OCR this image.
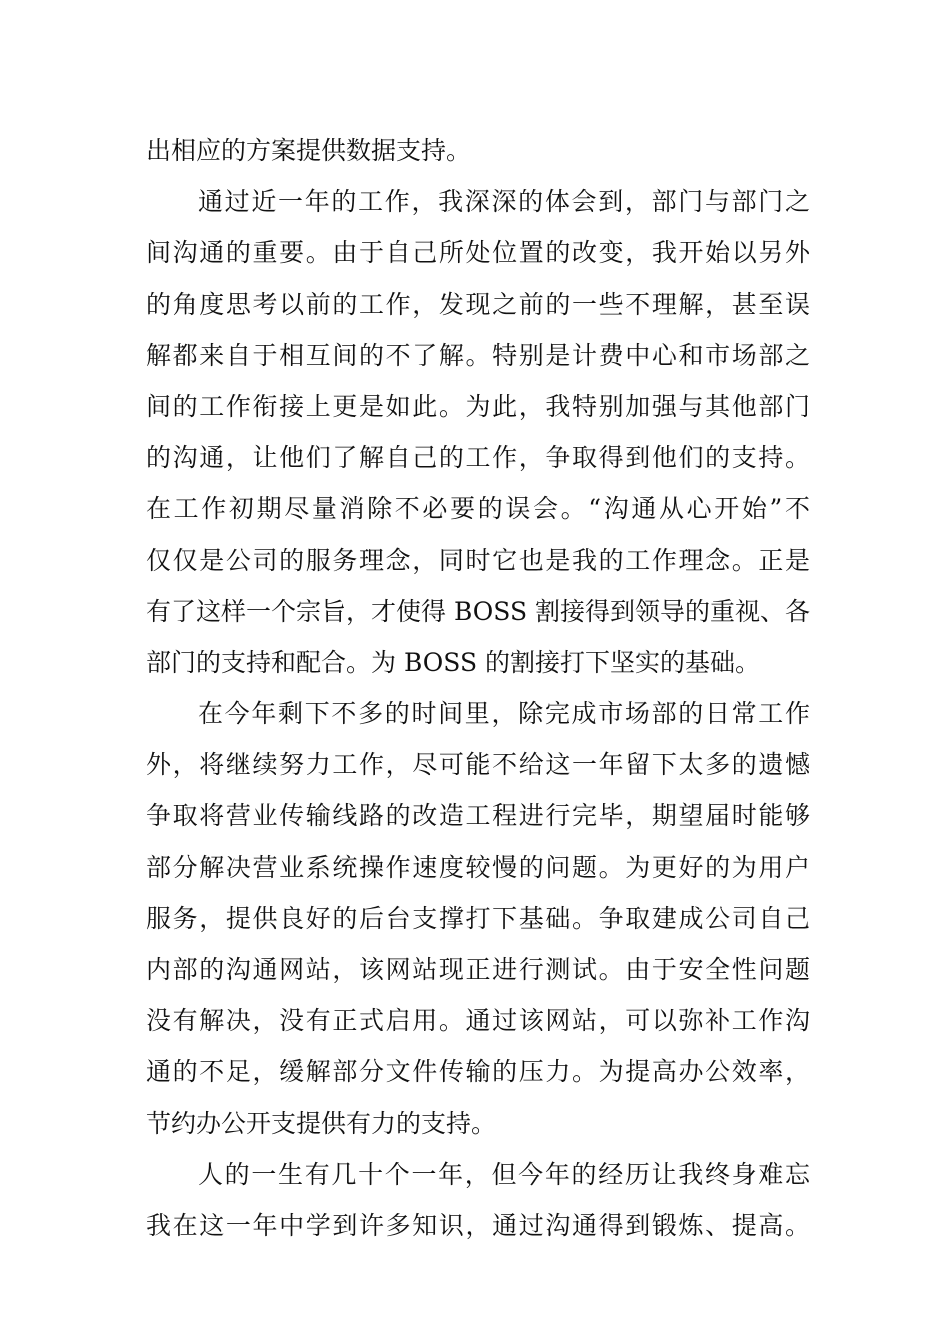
出相应的方案提供数据支持。
通过近一年的工作，我深深的体会到，部门与部门之
间沟通的重要。由于自己所处位置的改变，我开始以另外
的角度思考以前的工作，发现之前的一些不理解，甚至误
解都来自于相互间的不了解。特别是计费中心和市场部之
间的工作衔接上更是如此。为此，我特别加强与其他部门
的沟通，让他们了解自己的工作，争取得到他们的支持。
在工作初期尽量消除不必要的误会。“沟通从心开始”不
仅仅是公司的服务理念，同时它也是我的工作理念。正是
有了这样一个宗旨，才使得 BOSS 割接得到领导的重视、各
部门的支持和配合。为 BOSS 的割接打下坚实的基础。
在今年剩下不多的时间里，除完成市场部的日常工作
外，将继续努力工作，尽可能不给这一年留下太多的遗憾
争取将营业传输线路的改造工程进行完毕，期望届时能够
部分解决营业系统操作速度较慢的问题。为更好的为用户
服务，提供良好的后台支撑打下基础。争取建成公司自己
内部的沟通网站，该网站现正进行测试。由于安全性问题
没有解决，没有正式启用。通过该网站，可以弥补工作沟
通的不足，缓解部分文件传输的压力。为提高办公效率，
节约办公开支提供有力的支持。
人的一生有几十个一年，但今年的经历让我终身难忘
我在这一年中学到许多知识，通过沟通得到锻炼、提高。
